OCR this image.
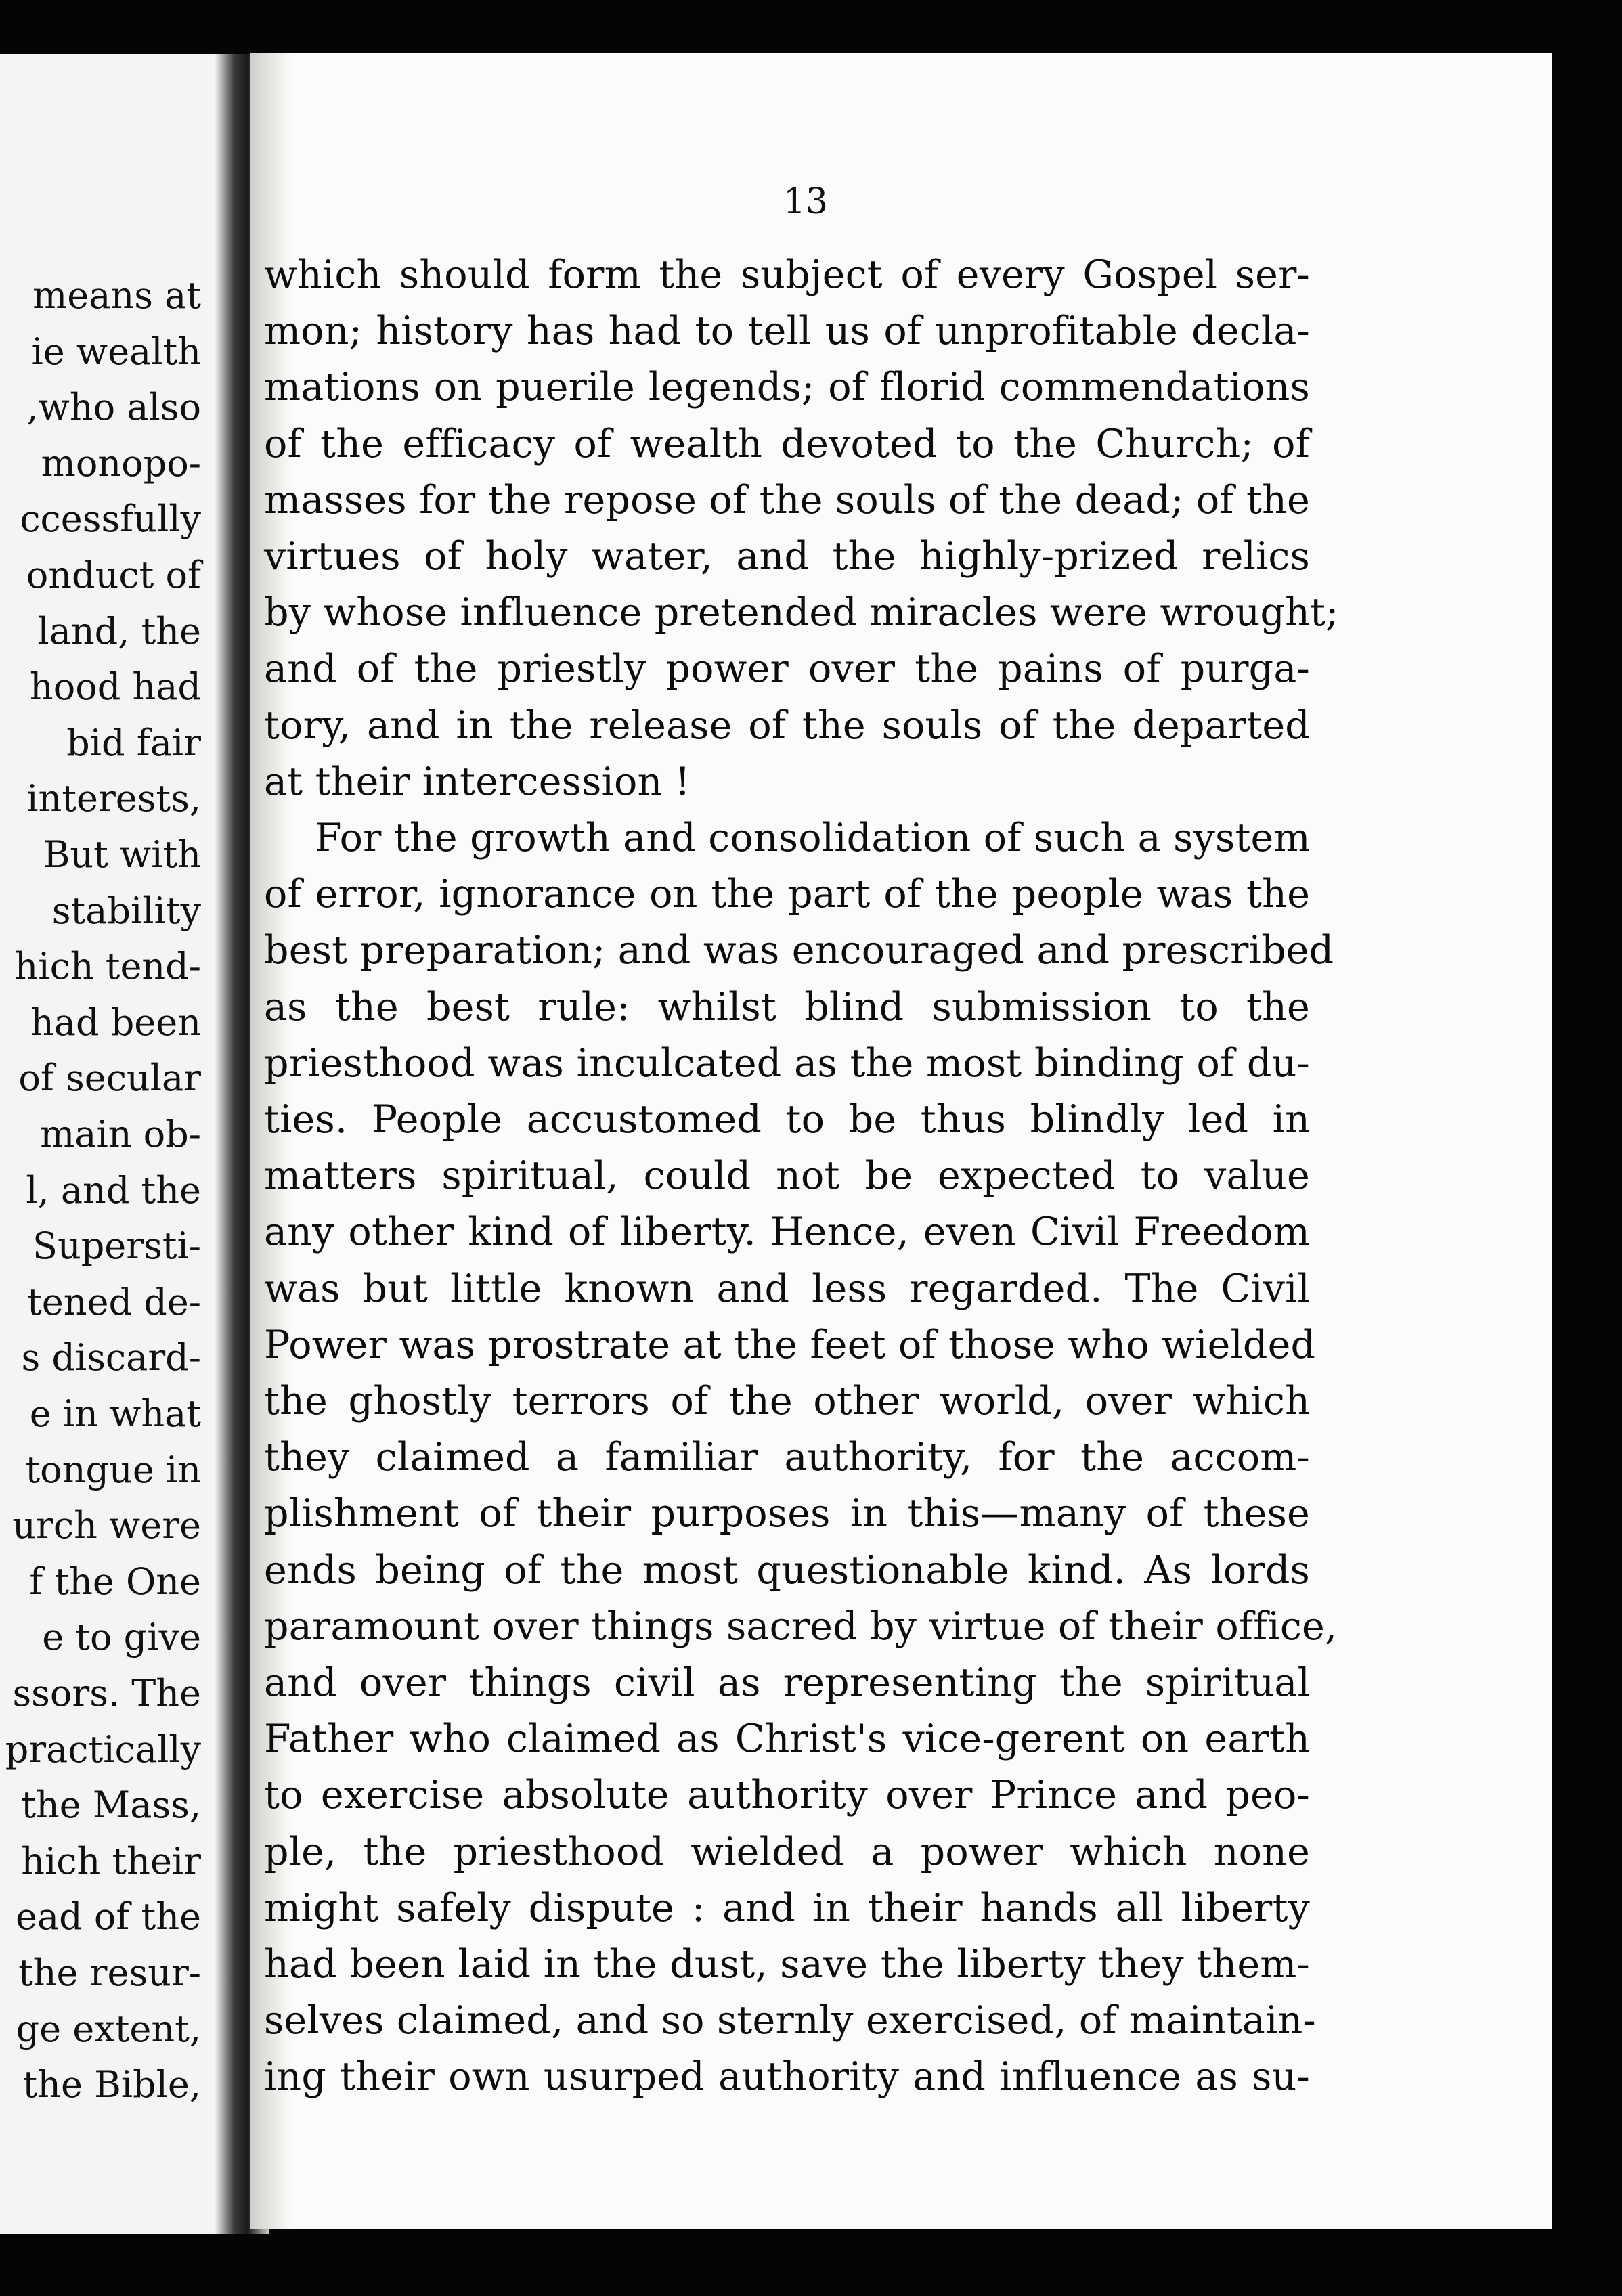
means at
ie wealth
,who also
monopo-
ccessfully
onduct of
land, the
hood had
bid fair
interests,
But with
stability
hich tend-
had been
of secular
main ob-
l, and the
Supersti-
tened de-
s discard-
e in what
tongue in
urch were
f the One
e to give
ssors. The
practically
the Mass,
hich their
ead of the
the resur-
ge extent,
the Bible,
13
which should form the subject of every Gospel ser-
mon; history has had to tell us of unprofitable decla-
mations on puerile legends; of florid commendations
of the efficacy of wealth devoted to the Church; of
masses for the repose of the souls of the dead; of the
virtues of holy water, and the highly-prized relics
by whose influence pretended miracles were wrought;
and of the priestly power over the pains of purga-
tory, and in the release of the souls of the departed
at their intercession !
For the growth and consolidation of such a system
of error, ignorance on the part of the people was the
best preparation; and was encouraged and prescribed
as the best rule: whilst blind submission to the
priesthood was inculcated as the most binding of du-
ties. People accustomed to be thus blindly led in
matters spiritual, could not be expected to value
any other kind of liberty. Hence, even Civil Freedom
was but little known and less regarded. The Civil
Power was prostrate at the feet of those who wielded
the ghostly terrors of the other world, over which
they claimed a familiar authority, for the accom-
plishment of their purposes in this—many of these
ends being of the most questionable kind. As lords
paramount over things sacred by virtue of their office,
and over things civil as representing the spiritual
Father who claimed as Christ's vice-gerent on earth
to exercise absolute authority over Prince and peo-
ple, the priesthood wielded a power which none
might safely dispute : and in their hands all liberty
had been laid in the dust, save the liberty they them-
selves claimed, and so sternly exercised, of maintain-
ing their own usurped authority and influence as su-
